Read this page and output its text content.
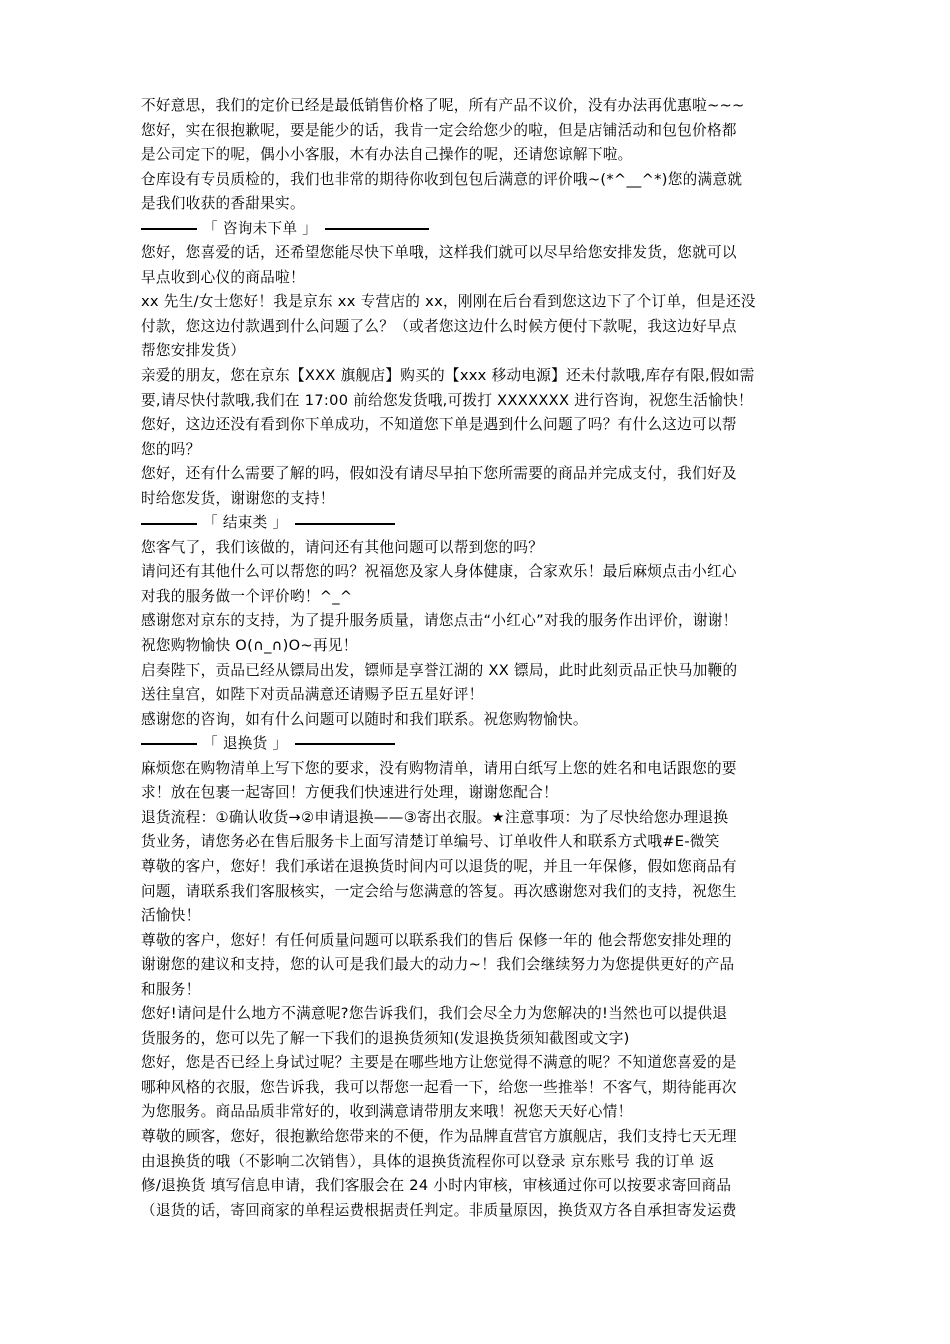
不好意思，我们的定价已经是最低销售价格了呢，所有产品不议价，没有办法再优惠啦~~~

您好，实在很抱歉呢，要是能少的话，我肯一定会给您少的啦，但是店铺活动和包包价格都

是公司定下的呢，偶小小客服，木有办法自己操作的呢，还请您谅解下啦。

仓库设有专员质检的，我们也非常的期待你收到包包后满意的评价哦~(*^__^*)您的满意就

是我们收获的香甜果实。

「 咨询未下单 」

您好，您喜爱的话，还希望您能尽快下单哦，这样我们就可以尽早给您安排发货，您就可以

早点收到心仪的商品啦！

xx 先生/女士您好！我是京东 xx 专营店的 xx，刚刚在后台看到您这边下了个订单，但是还没

付款，您这边付款遇到什么问题了么？（或者您这边什么时候方便付下款呢，我这边好早点

帮您安排发货）

亲爱的朋友，您在京东【XXX 旗舰店】购买的【xxx 移动电源】还未付款哦,库存有限,假如需

要,请尽快付款哦,我们在 17:00 前给您发货哦,可拨打 XXXXXXX 进行咨询，祝您生活愉快！

您好，这边还没有看到你下单成功，不知道您下单是遇到什么问题了吗？有什么这边可以帮

您的吗？

您好，还有什么需要了解的吗，假如没有请尽早拍下您所需要的商品并完成支付，我们好及

时给您发货，谢谢您的支持！

「 结束类 」

您客气了，我们该做的，请问还有其他问题可以帮到您的吗？

请问还有其他什么可以帮您的吗？祝福您及家人身体健康，合家欢乐！最后麻烦点击小红心

对我的服务做一个评价哟！^_^

感谢您对京东的支持，为了提升服务质量，请您点击“小红心”对我的服务作出评价，谢谢！

祝您购物愉快 O(∩_∩)O~再见！

启奏陛下，贡品已经从镖局出发，镖师是享誉江湖的 XX 镖局，此时此刻贡品正快马加鞭的

送往皇宫，如陛下对贡品满意还请赐予臣五星好评！

感谢您的咨询，如有什么问题可以随时和我们联系。祝您购物愉快。

「 退换货 」

麻烦您在购物清单上写下您的要求，没有购物清单，请用白纸写上您的姓名和电话跟您的要

求！放在包裹一起寄回！方便我们快速进行处理，谢谢您配合！

退货流程：①确认收货→②申请退换——③寄出衣服。★注意事项：为了尽快给您办理退换

货业务，请您务必在售后服务卡上面写清楚订单编号、订单收件人和联系方式哦#E-微笑

尊敬的客户，您好！我们承诺在退换货时间内可以退货的呢，并且一年保修，假如您商品有

问题，请联系我们客服核实，一定会给与您满意的答复。再次感谢您对我们的支持，祝您生

活愉快！

尊敬的客户，您好！有任何质量问题可以联系我们的售后 保修一年的 他会帮您安排处理的

谢谢您的建议和支持，您的认可是我们最大的动力~！我们会继续努力为您提供更好的产品

和服务！

您好!请问是什么地方不满意呢?您告诉我们，我们会尽全力为您解决的!当然也可以提供退

货服务的，您可以先了解一下我们的退换货须知(发退换货须知截图或文字)

您好，您是否已经上身试过呢？主要是在哪些地方让您觉得不满意的呢？不知道您喜爱的是

哪种风格的衣服，您告诉我，我可以帮您一起看一下，给您一些推举！不客气，期待能再次

为您服务。商品品质非常好的，收到满意请带朋友来哦！祝您天天好心情！

尊敬的顾客，您好，很抱歉给您带来的不便，作为品牌直营官方旗舰店，我们支持七天无理

由退换货的哦（不影响二次销售），具体的退换货流程你可以登录 京东账号 我的订单 返

修/退换货 填写信息申请，我们客服会在 24 小时内审核，审核通过你可以按要求寄回商品

（退货的话，寄回商家的单程运费根据责任判定。非质量原因，换货双方各自承担寄发运费
